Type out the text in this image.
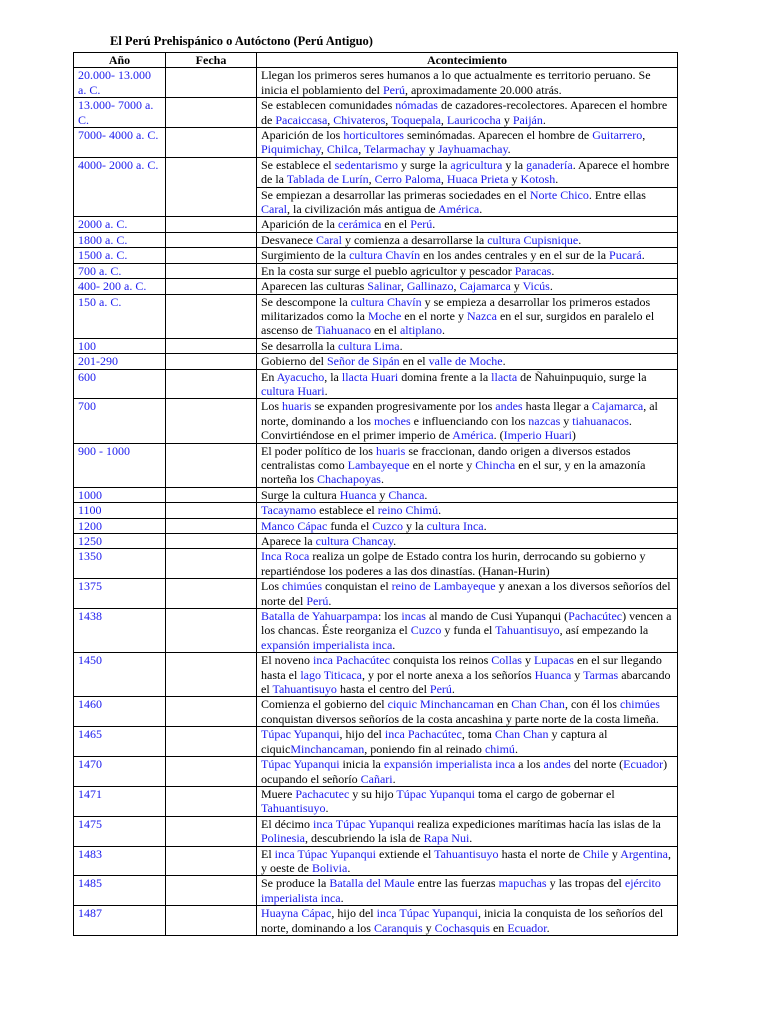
El Perú Prehispánico o Autóctono (Perú Antiguo)
Año	Fecha	Acontecimiento
20.000- 13.000 a. C.		Llegan los primeros seres humanos a lo que actualmente es territorio peruano. Se inicia el poblamiento del Perú, aproximadamente 20.000 atrás.
13.000- 7000 a. C.		Se establecen comunidades nómadas de cazadores-recolectores. Aparecen el hombre de Pacaiccasa, Chivateros, Toquepala, Lauricocha y Paiján.
7000- 4000 a. C.		Aparición de los horticultores seminómadas. Aparecen el hombre de Guitarrero, Piquimichay, Chilca, Telarmachay y Jayhuamachay.
4000- 2000 a. C.		Se establece el sedentarismo y surge la agricultura y la ganadería. Aparece el hombre de la Tablada de Lurín, Cerro Paloma, Huaca Prieta y Kotosh.
		Se empiezan a desarrollar las primeras sociedades en el Norte Chico. Entre ellas Caral, la civilización más antigua de América.
2000 a. C.		Aparición de la cerámica en el Perú.
1800 a. C.		Desvanece Caral y comienza a desarrollarse la cultura Cupisnique.
1500 a. C.		Surgimiento de la cultura Chavín en los andes centrales y en el sur de la Pucará.
700 a. C.		En la costa sur surge el pueblo agricultor y pescador Paracas.
400- 200 a. C.		Aparecen las culturas Salinar, Gallinazo, Cajamarca y Vicús.
150 a. C.		Se descompone la cultura Chavín y se empieza a desarrollar los primeros estados militarizados como la Moche en el norte y Nazca en el sur, surgidos en paralelo el ascenso de Tiahuanaco en el altiplano.
100		Se desarrolla la cultura Lima.
201-290		Gobierno del Señor de Sipán en el valle de Moche.
600		En Ayacucho, la llacta Huari domina frente a la llacta de Ñahuinpuquio, surge la cultura Huari.
700		Los huaris se expanden progresivamente por los andes hasta llegar a Cajamarca, al norte, dominando a los moches e influenciando con los nazcas y tiahuanacos. Convirtiéndose en el primer imperio de América. (Imperio Huari)
900 - 1000		El poder político de los huaris se fraccionan, dando origen a diversos estados centralistas como Lambayeque en el norte y Chincha en el sur, y en la amazonía norteña los Chachapoyas.
1000		Surge la cultura Huanca y Chanca.
1100		Tacaynamo establece el reino Chimú.
1200		Manco Cápac funda el Cuzco y la cultura Inca.
1250		Aparece la cultura Chancay.
1350		Inca Roca realiza un golpe de Estado contra los hurin, derrocando su gobierno y repartiéndose los poderes a las dos dinastías. (Hanan-Hurin)
1375		Los chimúes conquistan el reino de Lambayeque y anexan a los diversos señoríos del norte del Perú.
1438		Batalla de Yahuarpampa: los incas al mando de Cusi Yupanqui (Pachacútec) vencen a los chancas. Éste reorganiza el Cuzco y funda el Tahuantisuyo, así empezando la expansión imperialista inca.
1450		El noveno inca Pachacútec conquista los reinos Collas y Lupacas en el sur llegando hasta el lago Titicaca, y por el norte anexa a los señoríos Huanca y Tarmas abarcando el Tahuantisuyo hasta el centro del Perú.
1460		Comienza el gobierno del ciquic Minchancaman en Chan Chan, con él los chimúes conquistan diversos señoríos de la costa ancashina y parte norte de la costa limeña.
1465		Túpac Yupanqui, hijo del inca Pachacútec, toma Chan Chan y captura al ciquicMinchancaman, poniendo fin al reinado chimú.
1470		Túpac Yupanqui inicia la expansión imperialista inca a los andes del norte (Ecuador) ocupando el señorío Cañari.
1471		Muere Pachacutec y su hijo Túpac Yupanqui toma el cargo de gobernar el Tahuantisuyo.
1475		El décimo inca Túpac Yupanqui realiza expediciones marítimas hacía las islas de la Polinesia, descubriendo la isla de Rapa Nui.
1483		El inca Túpac Yupanqui extiende el Tahuantisuyo hasta el norte de Chile y Argentina, y oeste de Bolivia.
1485		Se produce la Batalla del Maule entre las fuerzas mapuchas y las tropas del ejército imperialista inca.
1487		Huayna Cápac, hijo del inca Túpac Yupanqui, inicia la conquista de los señoríos del norte, dominando a los Caranquis y Cochasquis en Ecuador.
